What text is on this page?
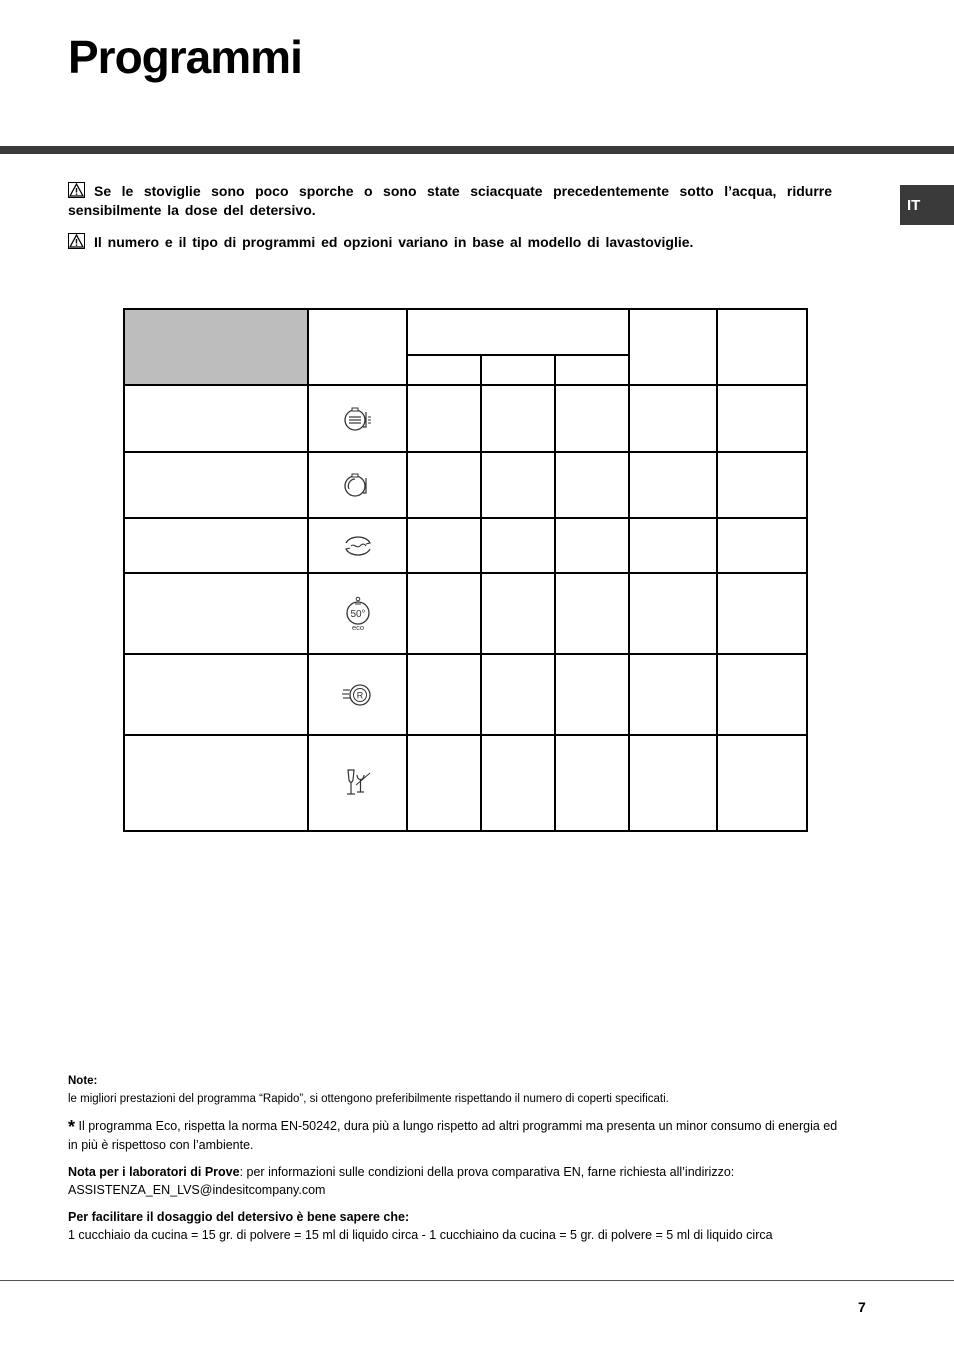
Programmi
IT
Se le stoviglie sono poco sporche o sono state sciacquate precedentemente sotto l’acqua, ridurre sensibilmente la dose del detersivo.
Il numero e il tipo di programmi ed opzioni variano in base al modello di lavastoviglie.

50°
eco					

R					

Note:
le migliori prestazioni del programma “Rapido”, si ottengono preferibilmente rispettando il numero di coperti specificati.

* Il programma Eco, rispetta la norma EN-50242, dura più a lungo rispetto ad altri programmi ma presenta un minor consumo di energia ed in più è rispettoso con l’ambiente.

Nota per i laboratori di Prove: per informazioni sulle condizioni della prova comparativa EN, farne richiesta all’indirizzo: ASSISTENZA_EN_LVS@indesitcompany.com

Per facilitare il dosaggio del detersivo è bene sapere che:
1 cucchiaio da cucina = 15 gr. di polvere = 15 ml di liquido circa - 1 cucchiaino da cucina = 5 gr. di polvere = 5 ml di liquido circa

7
